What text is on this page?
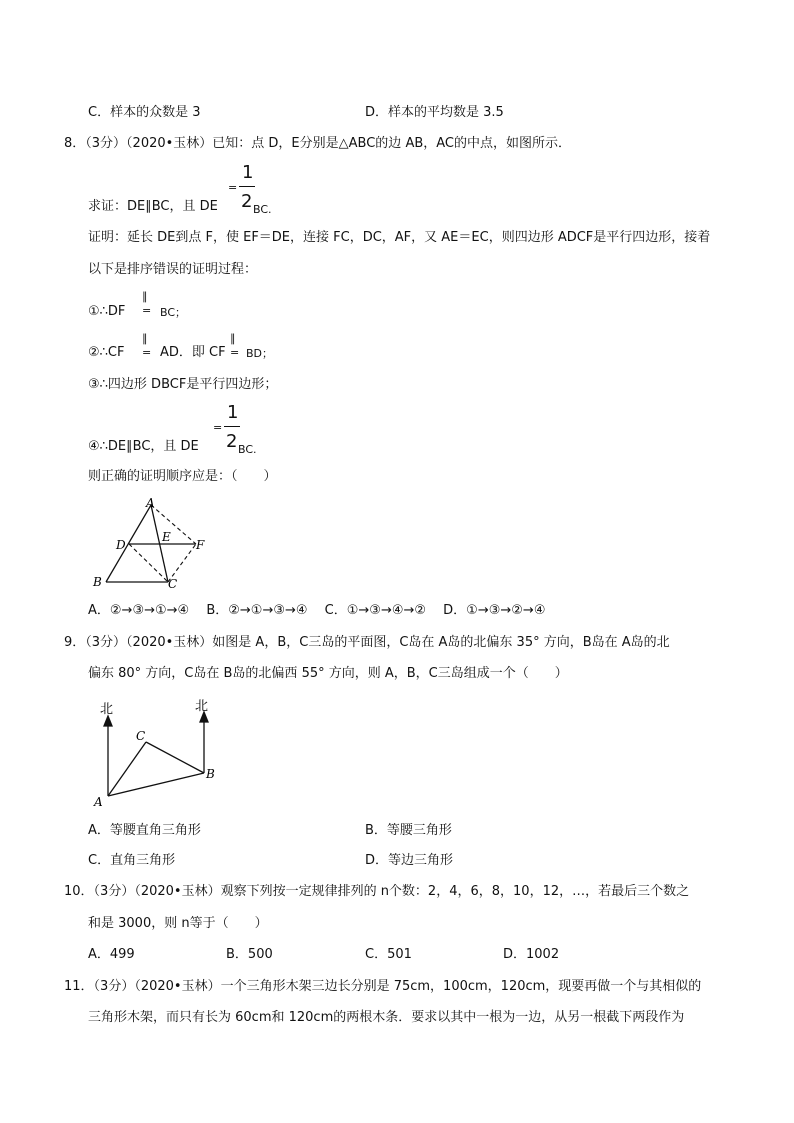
C．样本的众数是 3	D．样本的平均数是 3.5
8．（3分）（2020•玉林）已知：点 D，E分别是△ABC的边 AB，AC的中点，如图所示．
求证：DE∥BC，且 DE
=
1
2 BC.
证明：延长 DE到点 F，使 EF＝DE，连接 FC，DC，AF，又 AE＝EC，则四边形 ADCF是平行四边形，接着
以下是排序错误的证明过程：
①∴DF
∥
= BC；
②∴CF
∥
= AD．即 CF
∥
= BD；
③∴四边形 DBCF是平行四边形；
④∴DE∥BC，且 DE
=
1
2 BC.
则正确的证明顺序应是：（　　）
A
B	C
D
E
F
A．②→③→①→④　 B．②→①→③→④　 C．①→③→④→②　 D．①→③→②→④
9．（3分）（2020•玉林）如图是 A，B，C三岛的平面图，C岛在 A岛的北偏东 35° 方向，B岛在 A岛的北
偏东 80° 方向，C岛在 B岛的北偏西 55° 方向，则 A，B，C三岛组成一个（　　）
北	北
A
B
C
A．等腰直角三角形	B．等腰三角形
C．直角三角形	D．等边三角形
10．（3分）（2020•玉林）观察下列按一定规律排列的 n个数：2，4，6，8，10，12，…，若最后三个数之
和是 3000，则 n等于（　　）
A．499	B．500	C．501	D．1002
11．（3分）（2020•玉林）一个三角形木架三边长分别是 75cm，100cm，120cm，现要再做一个与其相似的
三角形木架，而只有长为 60cm和 120cm的两根木条．要求以其中一根为一边，从另一根截下两段作为
